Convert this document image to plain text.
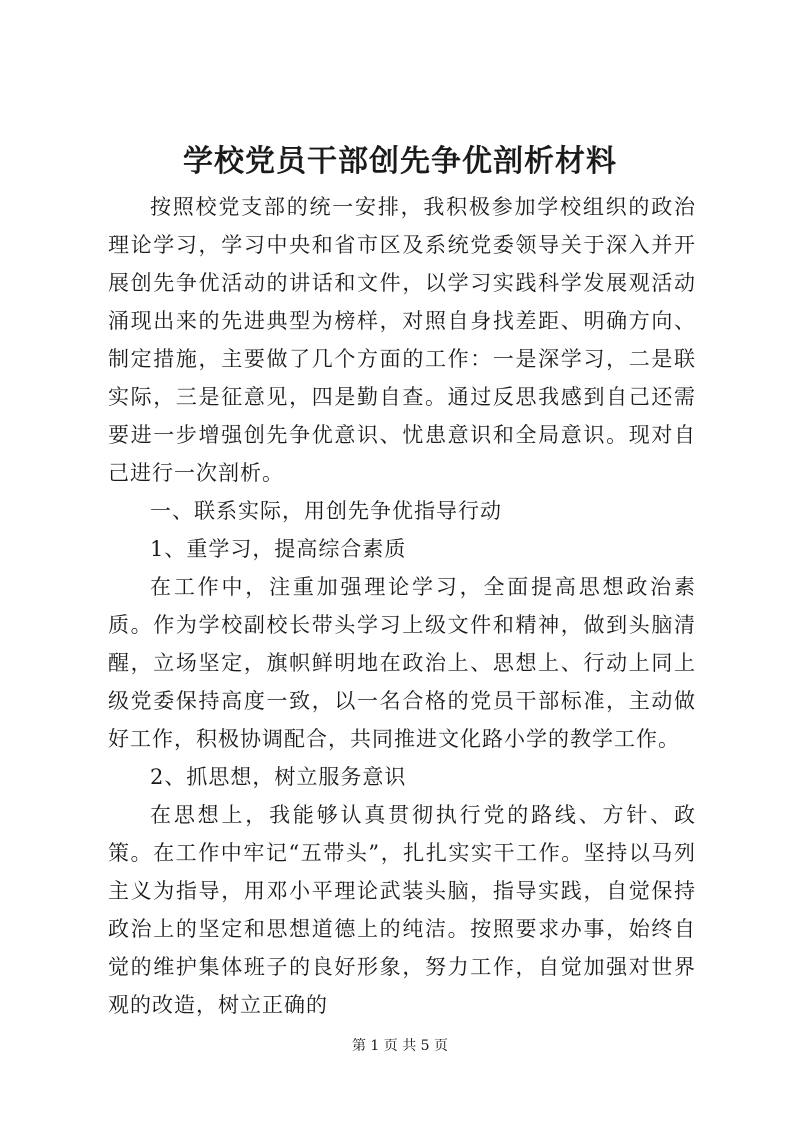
学校党员干部创先争优剖析材料

按照校党支部的统一安排，我积极参加学校组织的政治理论学习，学习中央和省市区及系统党委领导关于深入并开展创先争优活动的讲话和文件，以学习实践科学发展观活动涌现出来的先进典型为榜样，对照自身找差距、明确方向、制定措施，主要做了几个方面的工作：一是深学习，二是联实际，三是征意见，四是勤自查。通过反思我感到自己还需要进一步增强创先争优意识、忧患意识和全局意识。现对自己进行一次剖析。

一、联系实际，用创先争优指导行动

1、重学习，提高综合素质

在工作中，注重加强理论学习，全面提高思想政治素质。作为学校副校长带头学习上级文件和精神，做到头脑清醒，立场坚定，旗帜鲜明地在政治上、思想上、行动上同上级党委保持高度一致，以一名合格的党员干部标准，主动做好工作，积极协调配合，共同推进文化路小学的教学工作。

2、抓思想，树立服务意识

在思想上，我能够认真贯彻执行党的路线、方针、政策。在工作中牢记“五带头”，扎扎实实干工作。坚持以马列主义为指导，用邓小平理论武装头脑，指导实践，自觉保持政治上的坚定和思想道德上的纯洁。按照要求办事，始终自觉的维护集体班子的良好形象，努力工作，自觉加强对世界观的改造，树立正确的

第 1 页 共 5 页
